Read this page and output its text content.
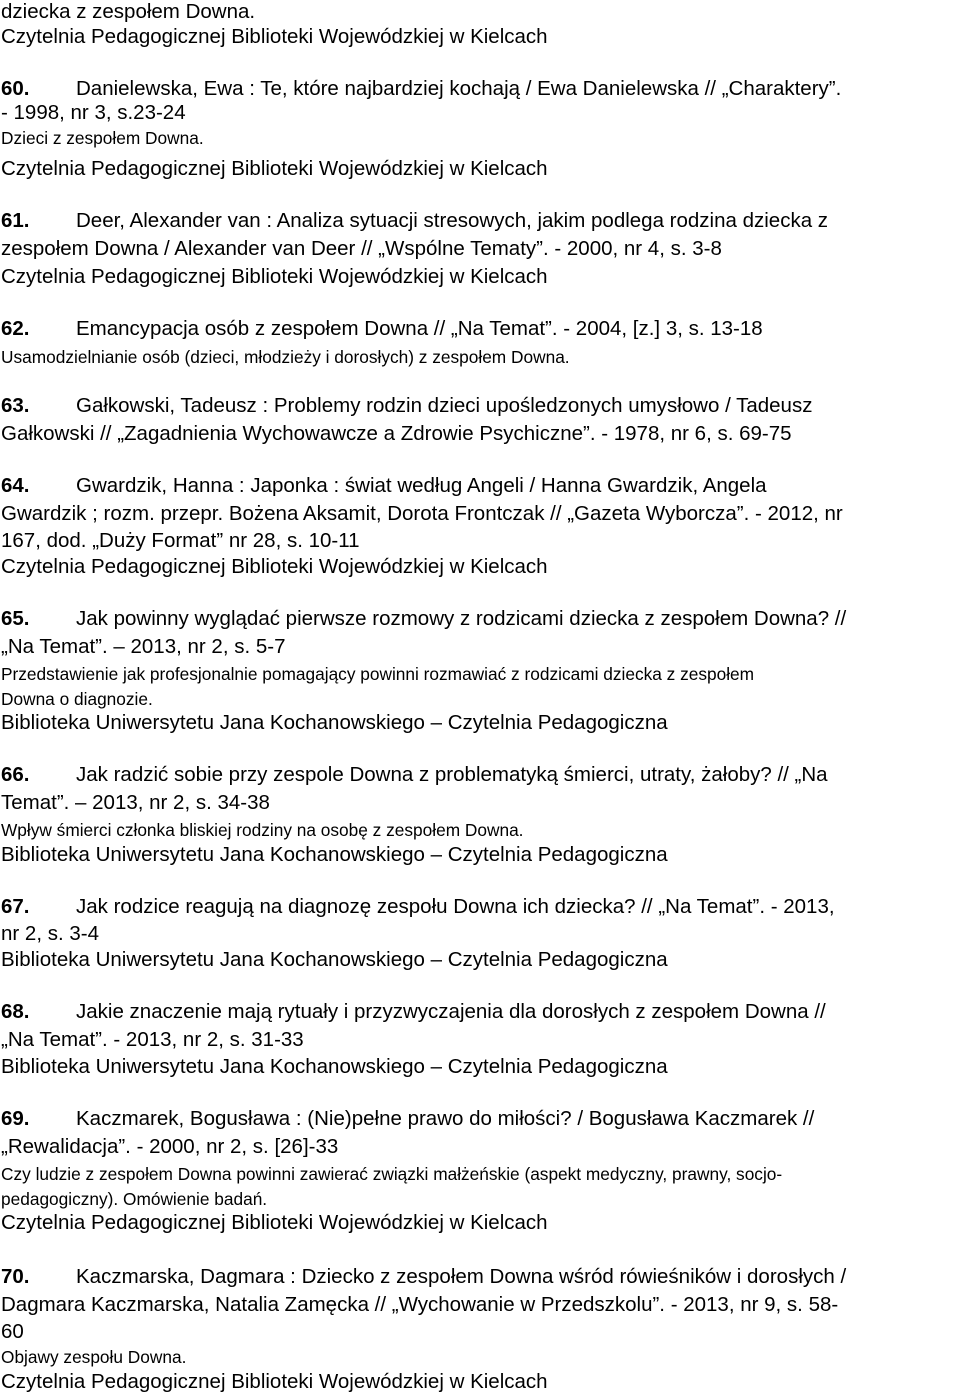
dziecka z zespołem Downa.
Czytelnia Pedagogicznej Biblioteki Wojewódzkiej w Kielcach
60. Danielewska, Ewa : Te, które najbardziej kochają / Ewa Danielewska // „Charaktery”.
- 1998, nr 3, s.23-24
Dzieci z zespołem Downa.
Czytelnia Pedagogicznej Biblioteki Wojewódzkiej w Kielcach
61. Deer, Alexander van : Analiza sytuacji stresowych, jakim podlega rodzina dziecka z
zespołem Downa / Alexander van Deer // „Wspólne Tematy”. - 2000, nr 4, s. 3-8
Czytelnia Pedagogicznej Biblioteki Wojewódzkiej w Kielcach
62. Emancypacja osób z zespołem Downa // „Na Temat”. - 2004, [z.] 3, s. 13-18
Usamodzielnianie osób (dzieci, młodzieży i dorosłych) z zespołem Downa.
63. Gałkowski, Tadeusz : Problemy rodzin dzieci upośledzonych umysłowo / Tadeusz
Gałkowski // „Zagadnienia Wychowawcze a Zdrowie Psychiczne”. - 1978, nr 6, s. 69-75
64. Gwardzik, Hanna : Japonka : świat według Angeli / Hanna Gwardzik, Angela
Gwardzik ; rozm. przepr. Bożena Aksamit, Dorota Frontczak // „Gazeta Wyborcza”. - 2012, nr
167, dod. „Duży Format” nr 28, s. 10-11
Czytelnia Pedagogicznej Biblioteki Wojewódzkiej w Kielcach
65. Jak powinny wyglądać pierwsze rozmowy z rodzicami dziecka z zespołem Downa? //
„Na Temat”. – 2013, nr 2, s. 5-7
Przedstawienie jak profesjonalnie pomagający powinni rozmawiać z rodzicami dziecka z zespołem
Downa o diagnozie.
Biblioteka Uniwersytetu Jana Kochanowskiego – Czytelnia Pedagogiczna
66. Jak radzić sobie przy zespole Downa z problematyką śmierci, utraty, żałoby? // „Na
Temat”. – 2013, nr 2, s. 34-38
Wpływ śmierci członka bliskiej rodziny na osobę z zespołem Downa.
Biblioteka Uniwersytetu Jana Kochanowskiego – Czytelnia Pedagogiczna
67. Jak rodzice reagują na diagnozę zespołu Downa ich dziecka? // „Na Temat”. - 2013,
nr 2, s. 3-4
Biblioteka Uniwersytetu Jana Kochanowskiego – Czytelnia Pedagogiczna
68. Jakie znaczenie mają rytuały i przyzwyczajenia dla dorosłych z zespołem Downa //
„Na Temat”. - 2013, nr 2, s. 31-33
Biblioteka Uniwersytetu Jana Kochanowskiego – Czytelnia Pedagogiczna
69. Kaczmarek, Bogusława : (Nie)pełne prawo do miłości? / Bogusława Kaczmarek //
„Rewalidacja”. - 2000, nr 2, s. [26]-33
Czy ludzie z zespołem Downa powinni zawierać związki małżeńskie (aspekt medyczny, prawny, socjo-
pedagogiczny). Omówienie badań.
Czytelnia Pedagogicznej Biblioteki Wojewódzkiej w Kielcach
70. Kaczmarska, Dagmara : Dziecko z zespołem Downa wśród rówieśników i dorosłych /
Dagmara Kaczmarska, Natalia Zamęcka // „Wychowanie w Przedszkolu”. - 2013, nr 9, s. 58-
60
Objawy zespołu Downa.
Czytelnia Pedagogicznej Biblioteki Wojewódzkiej w Kielcach
